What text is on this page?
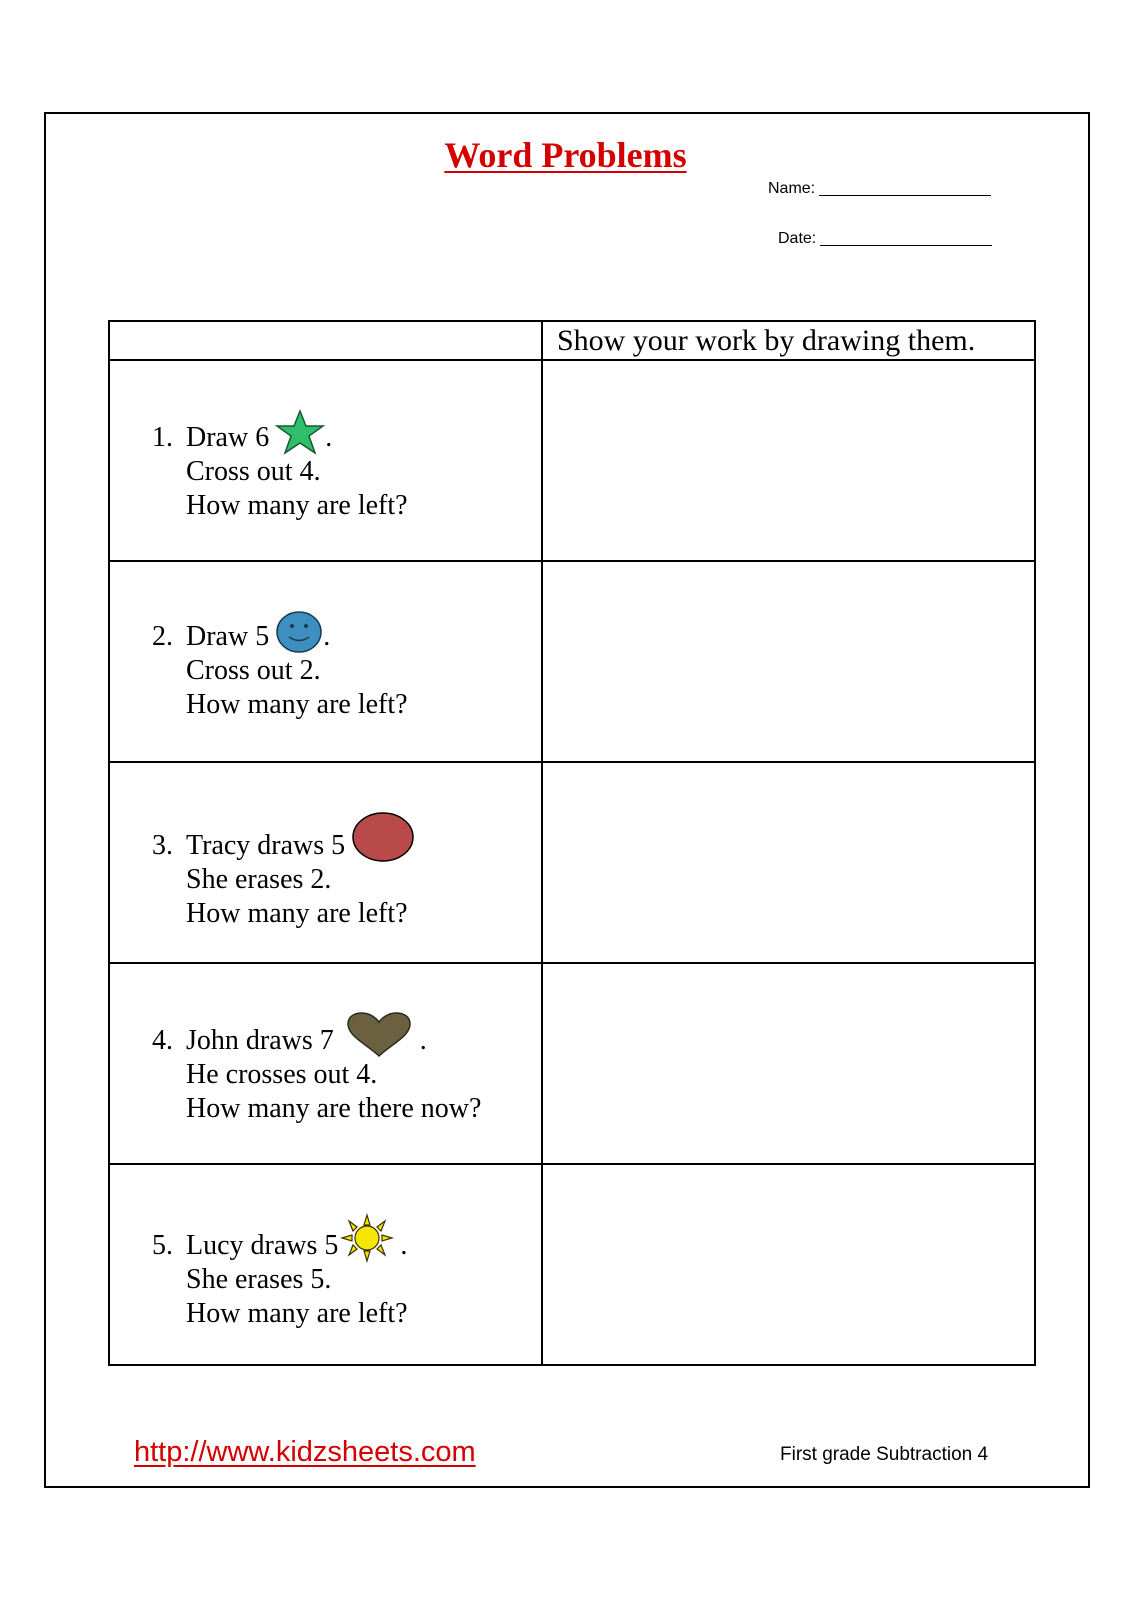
Word Problems
Name:
Date:
	Show your work by drawing them.

1. Draw 6 .
Cross out 4.
How many are left?	

2. Draw 5 .
Cross out 2.
How many are left?	

3. Tracy draws 5
She erases 2.
How many are left?	

4. John draws 7 .
He crosses out 4.
How many are there now?	

5. Lucy draws 5 .
She erases 5.
How many are left?	

http://www.kidzsheets.com	First grade Subtraction 4
